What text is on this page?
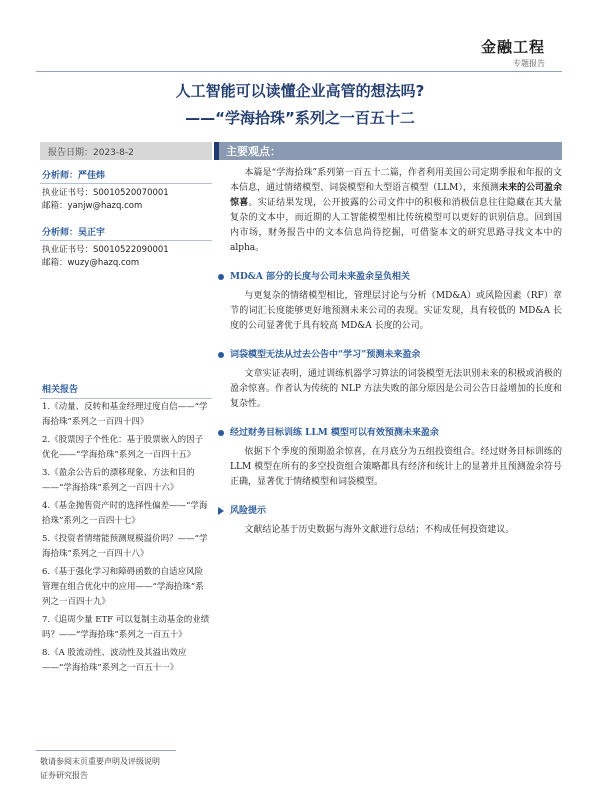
金融工程
专题报告
人工智能可以读懂企业高管的想法吗?
——“学海拾珠”系列之一百五十二
报告日期：2023-8-2	主要观点：
分析师：严佳炜
执业证书号：S0010520070001
邮箱：yanjw@hazq.com
分析师：吴正宇
执业证书号：S0010522090001
邮箱：wuzy@hazq.com
相关报告
1.《动量、反转和基金经理过度自信——“学海拾珠”系列之一百四十四》
2.《股票因子个性化：基于股票嵌入的因子优化——“学海拾珠”系列之一百四十五》
3.《盈余公告后的漂移现象、方法和目的——“学海拾珠”系列之一百四十六》
4.《基金抛售资产时的选择性偏差——“学海拾珠”系列之一百四十七》
5.《投资者情绪能预测规模溢价吗？——“学海拾珠”系列之一百四十八》
6.《基于强化学习和障碍函数的自适应风险管理在组合优化中的应用——“学海拾珠”系列之一百四十九》
7.《追周少量 ETF 可以复制主动基金的业绩吗？——“学海拾珠”系列之一百五十》
8.《A 股流动性、波动性及其溢出效应——“学海拾珠”系列之一百五十一》

本篇是“学海拾珠”系列第一百五十二篇，作者利用美国公司定期季报和年报的文本信息，通过情绪模型、词袋模型和大型语言模型（LLM），来预测未来的公司盈余惊喜。实证结果发现，公开披露的公司文件中的积极和消极信息往往隐藏在其大量复杂的文本中，而近期的人工智能模型相比传统模型可以更好的识别信息。回到国内市场，财务报告中的文本信息尚待挖掘，可借鉴本文的研究思路寻找文本中的 alpha。

MD&A 部分的长度与公司未来盈余呈负相关

与更复杂的情绪模型相比，管理层讨论与分析（MD&A）或风险因素（RF）章节的词汇长度能够更好地预测未来公司的表现。实证发现，具有较低的 MD&A 长度的公司显著优于具有较高 MD&A 长度的公司。

词袋模型无法从过去公告中“学习”预测未来盈余

文章实证表明，通过训练机器学习算法的词袋模型无法识别未来的积极或消极的盈余惊喜。作者认为传统的 NLP 方法失败的部分原因是公司公告日益增加的长度和复杂性。

经过财务目标训练 LLM 模型可以有效预测未来盈余

依据下个季度的预期盈余惊喜，在月底分为五组投资组合。经过财务目标训练的 LLM 模型在所有的多空投资组合策略都具有经济和统计上的显著并且预测盈余符号正确，显著优于情绪模型和词袋模型。

风险提示

文献结论基于历史数据与海外文献进行总结；不构成任何投资建议。

敬请参阅末页重要声明及评级说明
证券研究报告
